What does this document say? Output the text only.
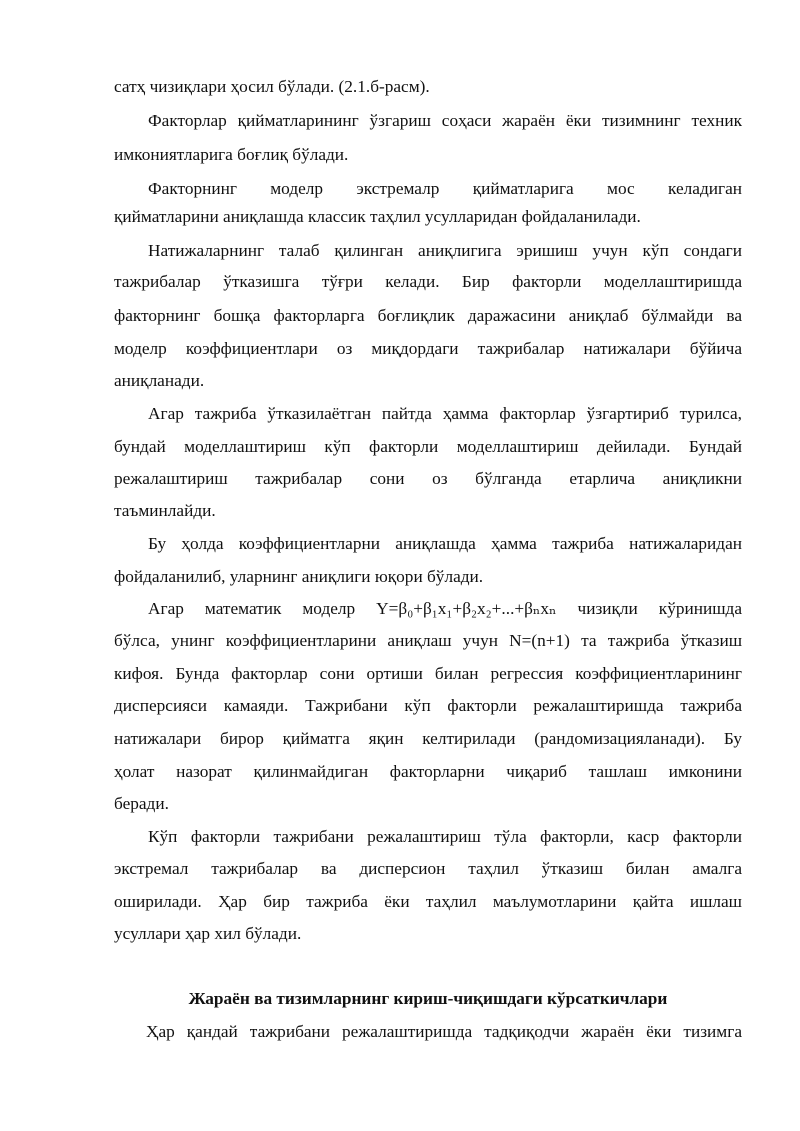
сатҳ чизиқлари ҳосил бўлади. (2.1.б-расм).
Факторлар қийматларининг ўзгариш соҳаси жараён ёки тизимнинг техник
имкониятларига боғлиқ бўлади.
Факторнинг моделр экстремалр қийматларига мос келадиган
қийматларини аниқлашда классик таҳлил усулларидан фойдаланилади.
Натижаларнинг талаб қилинган аниқлигига эришиш учун кўп сондаги
тажрибалар ўтказишга тўғри келади. Бир факторли моделлаштиришда
факторнинг бошқа факторларга боғлиқлик даражасини аниқлаб бўлмайди ва
моделр коэффициентлари оз миқдордаги тажрибалар натижалари бўйича
аниқланади.
Агар тажриба ўтказилаётган пайтда ҳамма факторлар ўзгартириб турилса,
бундай моделлаштириш кўп факторли моделлаштириш дейилади. Бундай
режалаштириш тажрибалар сони оз бўлганда етарлича аниқликни
таъминлайди.
Бу ҳолда коэффициентларни аниқлашда ҳамма тажриба натижаларидан
фойдаланилиб, уларнинг аниқлиги юқори бўлади.
Агар математик моделр Y=β₀+β₁x₁+β₂x₂+...+βₙxₙ чизиқли кўринишда
бўлса, унинг коэффициентларини аниқлаш учун N=(n+1) та тажриба ўтказиш
кифоя. Бунда факторлар сони ортиши билан регрессия коэффициентларининг
дисперсияси камаяди. Тажрибани кўп факторли режалаштиришда тажриба
натижалари бирор қийматга яқин келтирилади (рандомизацияланади). Бу
ҳолат назорат қилинмайдиган факторларни чиқариб ташлаш имконини
беради.
Кўп факторли тажрибани режалаштириш тўла факторли, каср факторли
экстремал тажрибалар ва дисперсион таҳлил ўтказиш билан амалга
оширилади. Ҳар бир тажриба ёки таҳлил маълумотларини қайта ишлаш
усуллари ҳар хил бўлади.
Жараён ва тизимларнинг кириш-чиқишдаги кўрсаткичлари
Ҳар қандай тажрибани режалаштиришда тадқиқодчи жараён ёки тизимга
